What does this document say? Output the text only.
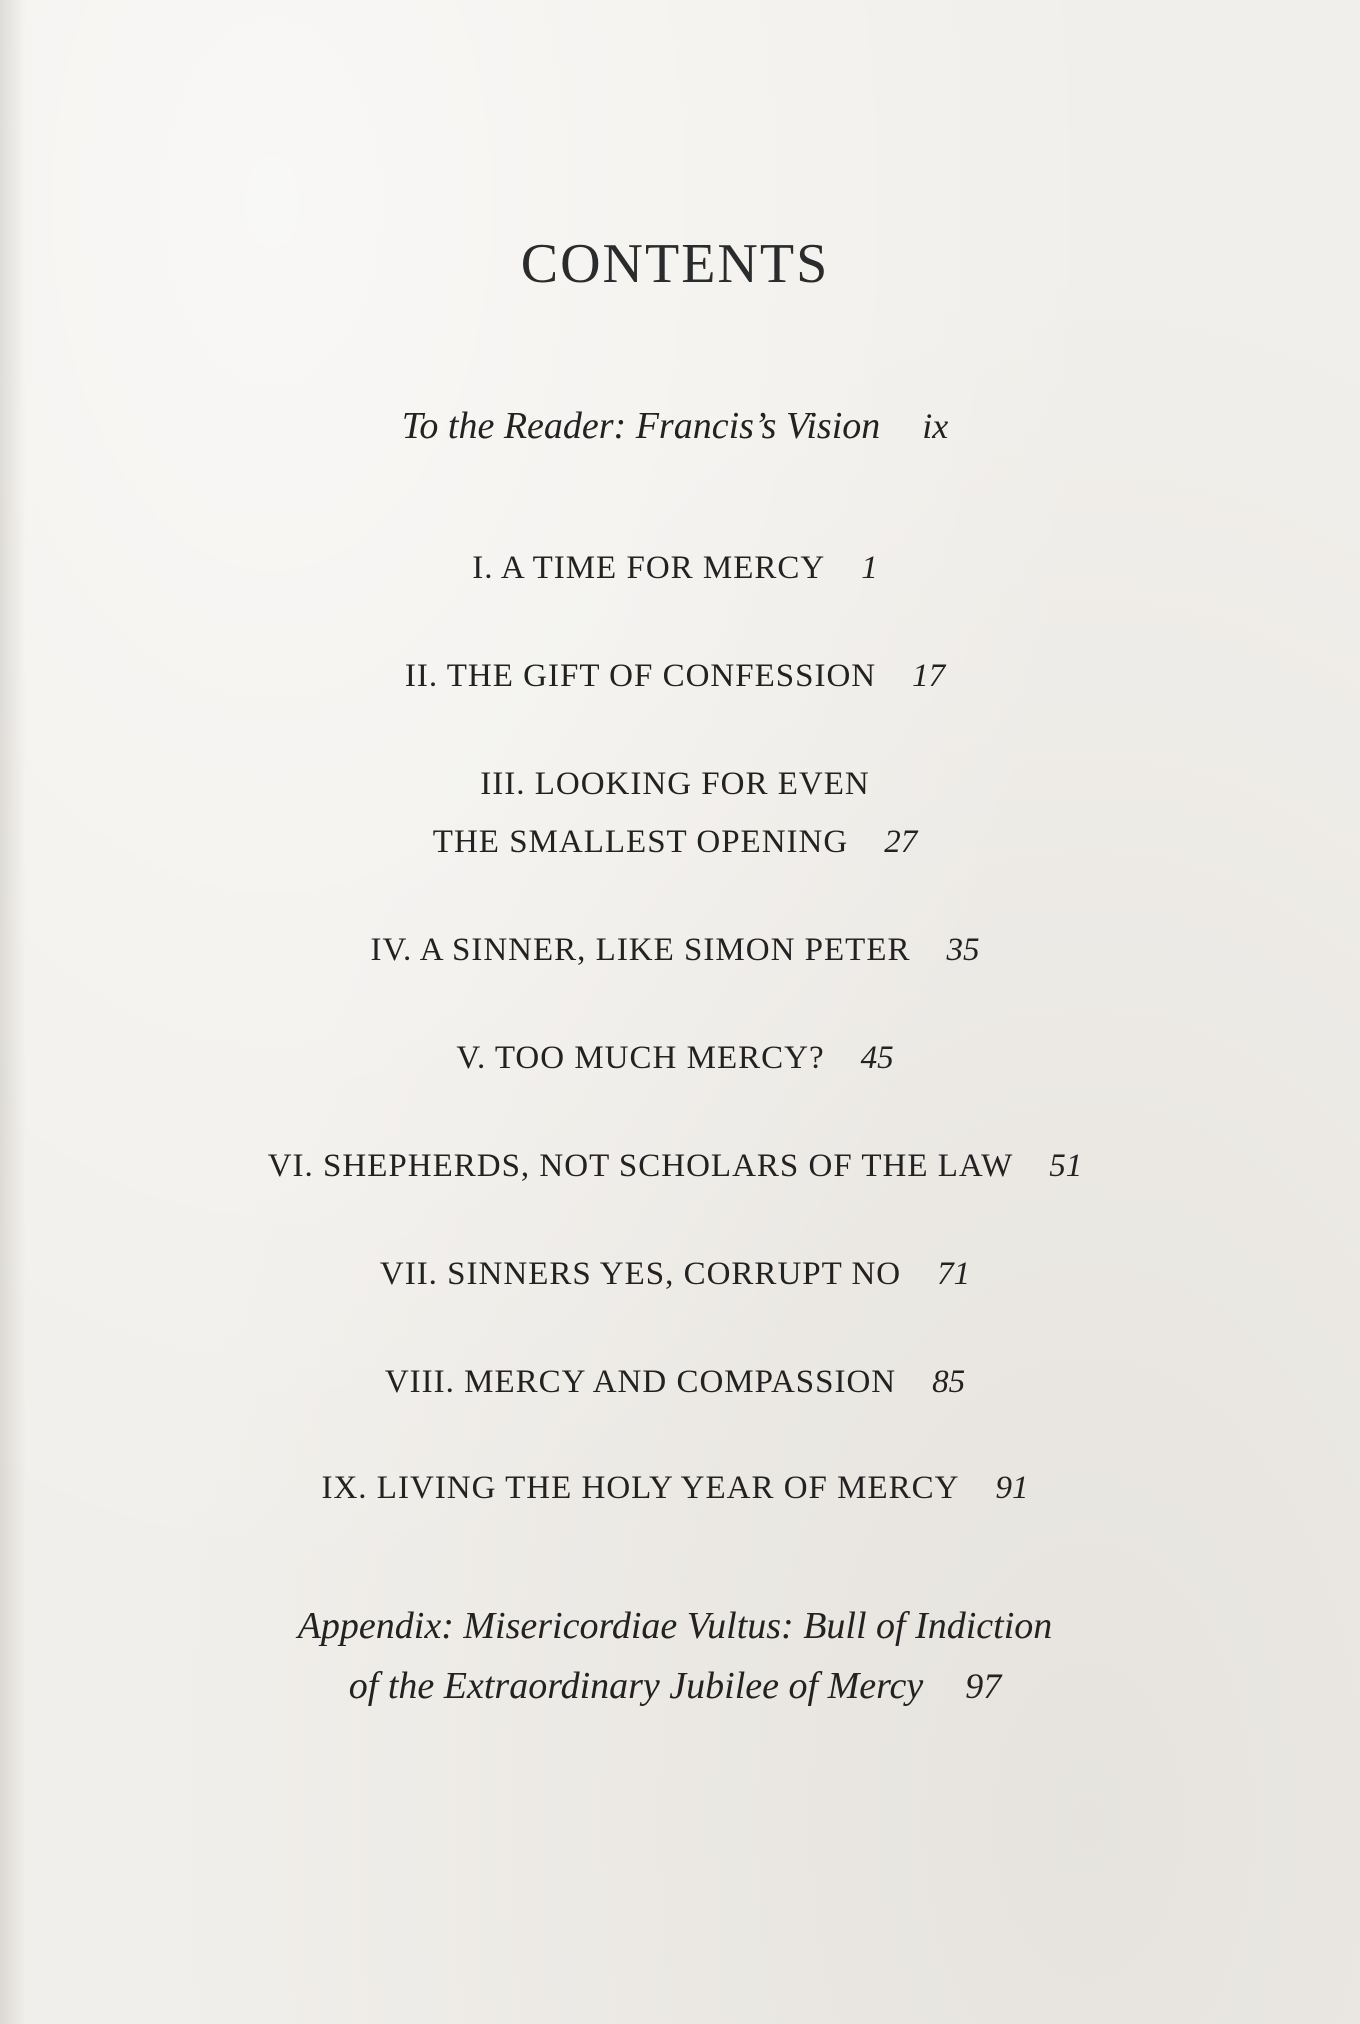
CONTENTS
To the Reader: Francis’s Vision ix
I. A TIME FOR MERCY 1
II. THE GIFT OF CONFESSION 17
III. LOOKING FOR EVEN
THE SMALLEST OPENING 27
IV. A SINNER, LIKE SIMON PETER 35
V. TOO MUCH MERCY? 45
VI. SHEPHERDS, NOT SCHOLARS OF THE LAW 51
VII. SINNERS YES, CORRUPT NO 71
VIII. MERCY AND COMPASSION 85
IX. LIVING THE HOLY YEAR OF MERCY 91
Appendix: Misericordiae Vultus: Bull of Indiction
of the Extraordinary Jubilee of Mercy 97
